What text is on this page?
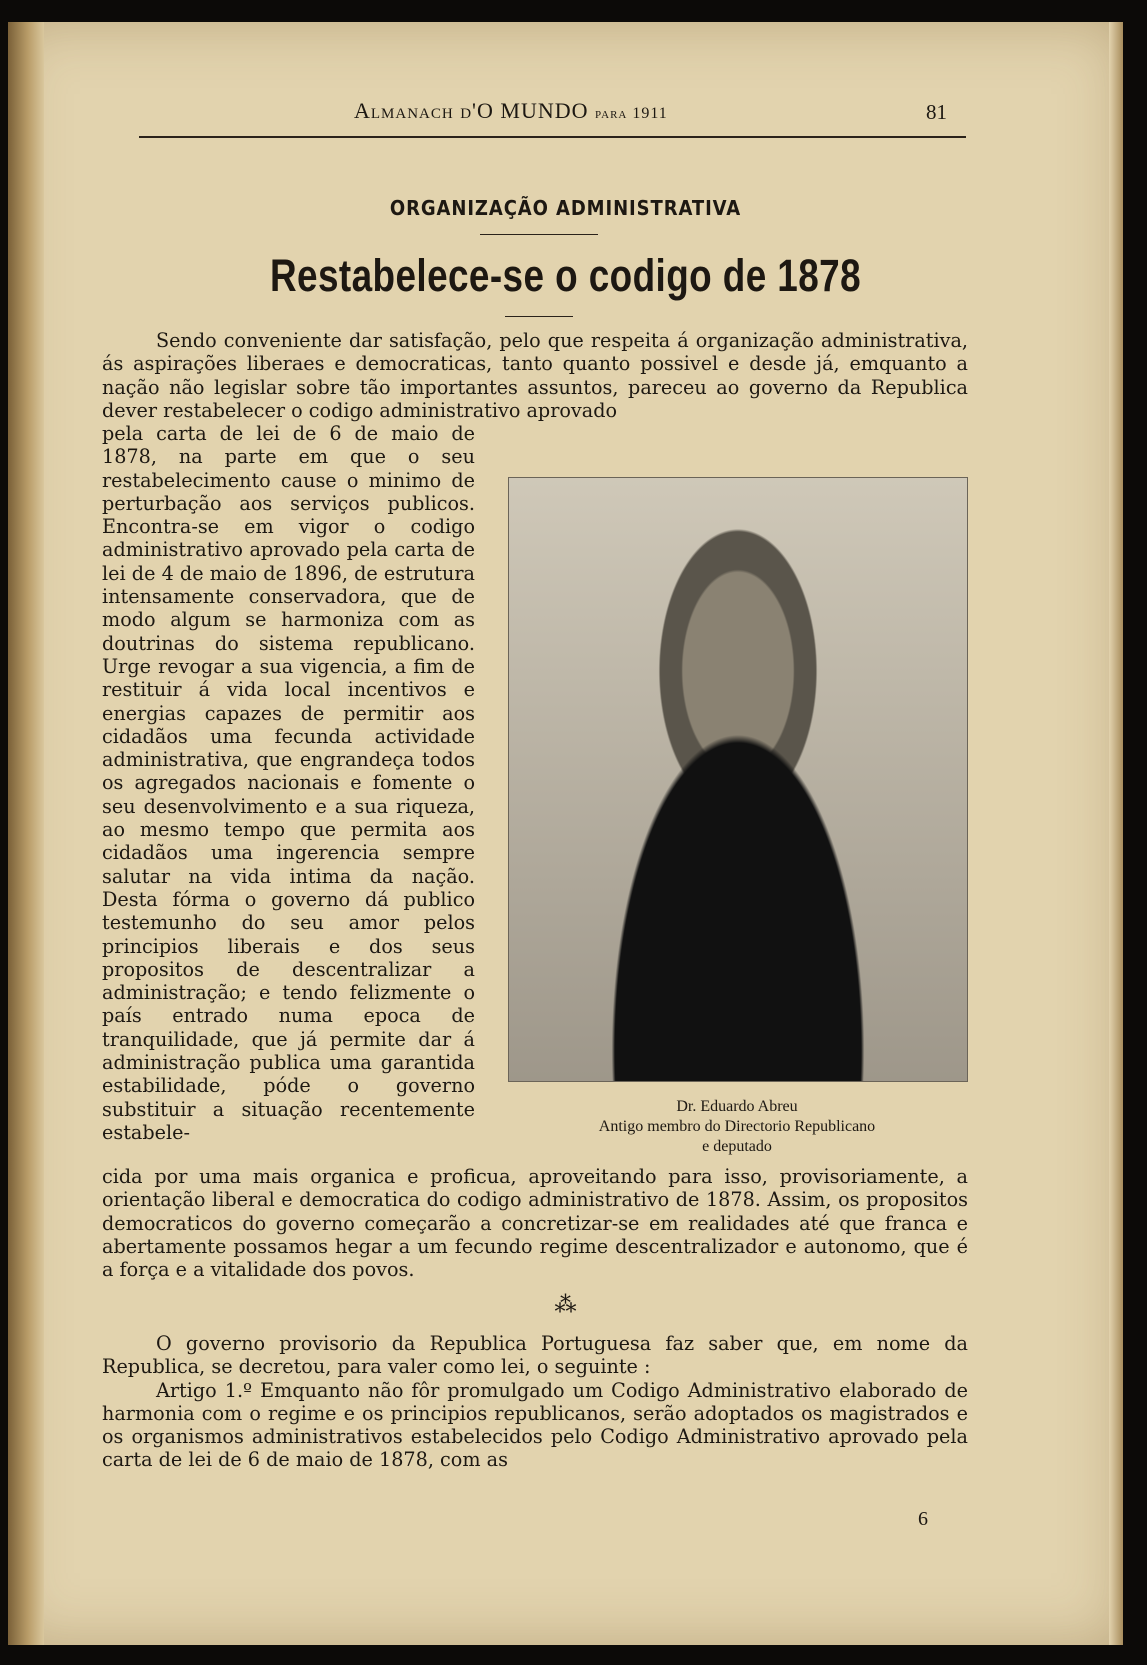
Almanach d'O MUNDO para 1911	81
ORGANIZAÇÃO ADMINISTRATIVA
Restabelece-se o codigo de 1878

Sendo conveniente dar satisfação, pelo que respeita á organização administrativa, ás aspirações liberaes e democraticas, tanto quanto possivel e desde já, emquanto a nação não legislar sobre tão importantes assuntos, pareceu ao governo da Republica dever restabelecer o codigo administrativo aprovado

pela carta de lei de 6 de maio de 1878, na parte em que o seu restabelecimento cause o minimo de perturbação aos serviços publicos. Encontra-se em vigor o codigo administrativo aprovado pela carta de lei de 4 de maio de 1896, de estrutura intensamente conservadora, que de modo algum se harmoniza com as doutrinas do sistema republicano. Urge revogar a sua vigencia, a fim de restituir á vida local incentivos e energias capazes de permitir aos cidadãos uma fecunda actividade administrativa, que engrandeça todos os agregados nacionais e fomente o seu desenvolvimento e a sua riqueza, ao mesmo tempo que permita aos cidadãos uma ingerencia sempre salutar na vida intima da nação. Desta fórma o governo dá publico testemunho do seu amor pelos principios liberais e dos seus propositos de descentralizar a administração; e tendo felizmente o país entrado numa epoca de tranquilidade, que já permite dar á administração publica uma garantida estabilidade, póde o governo substituir a situação recentemente estabele-

Dr. Eduardo Abreu
Antigo membro do Directorio Republicano
e deputado

cida por uma mais organica e proficua, aproveitando para isso, provisoriamente, a orientação liberal e democratica do codigo administrativo de 1878. Assim, os propositos democraticos do governo começarão a concretizar-se em realidades até que franca e abertamente possamos hegar a um fecundo regime descentralizador e autonomo, que é a força e a vitalidade dos povos.

⁂

O governo provisorio da Republica Portuguesa faz saber que, em nome da Republica, se decretou, para valer como lei, o seguinte :

Artigo 1.º Emquanto não fôr promulgado um Codigo Administrativo elaborado de harmonia com o regime e os principios republicanos, serão adoptados os magistrados e os organismos administrativos estabelecidos pelo Codigo Administrativo aprovado pela carta de lei de 6 de maio de 1878, com as

6
